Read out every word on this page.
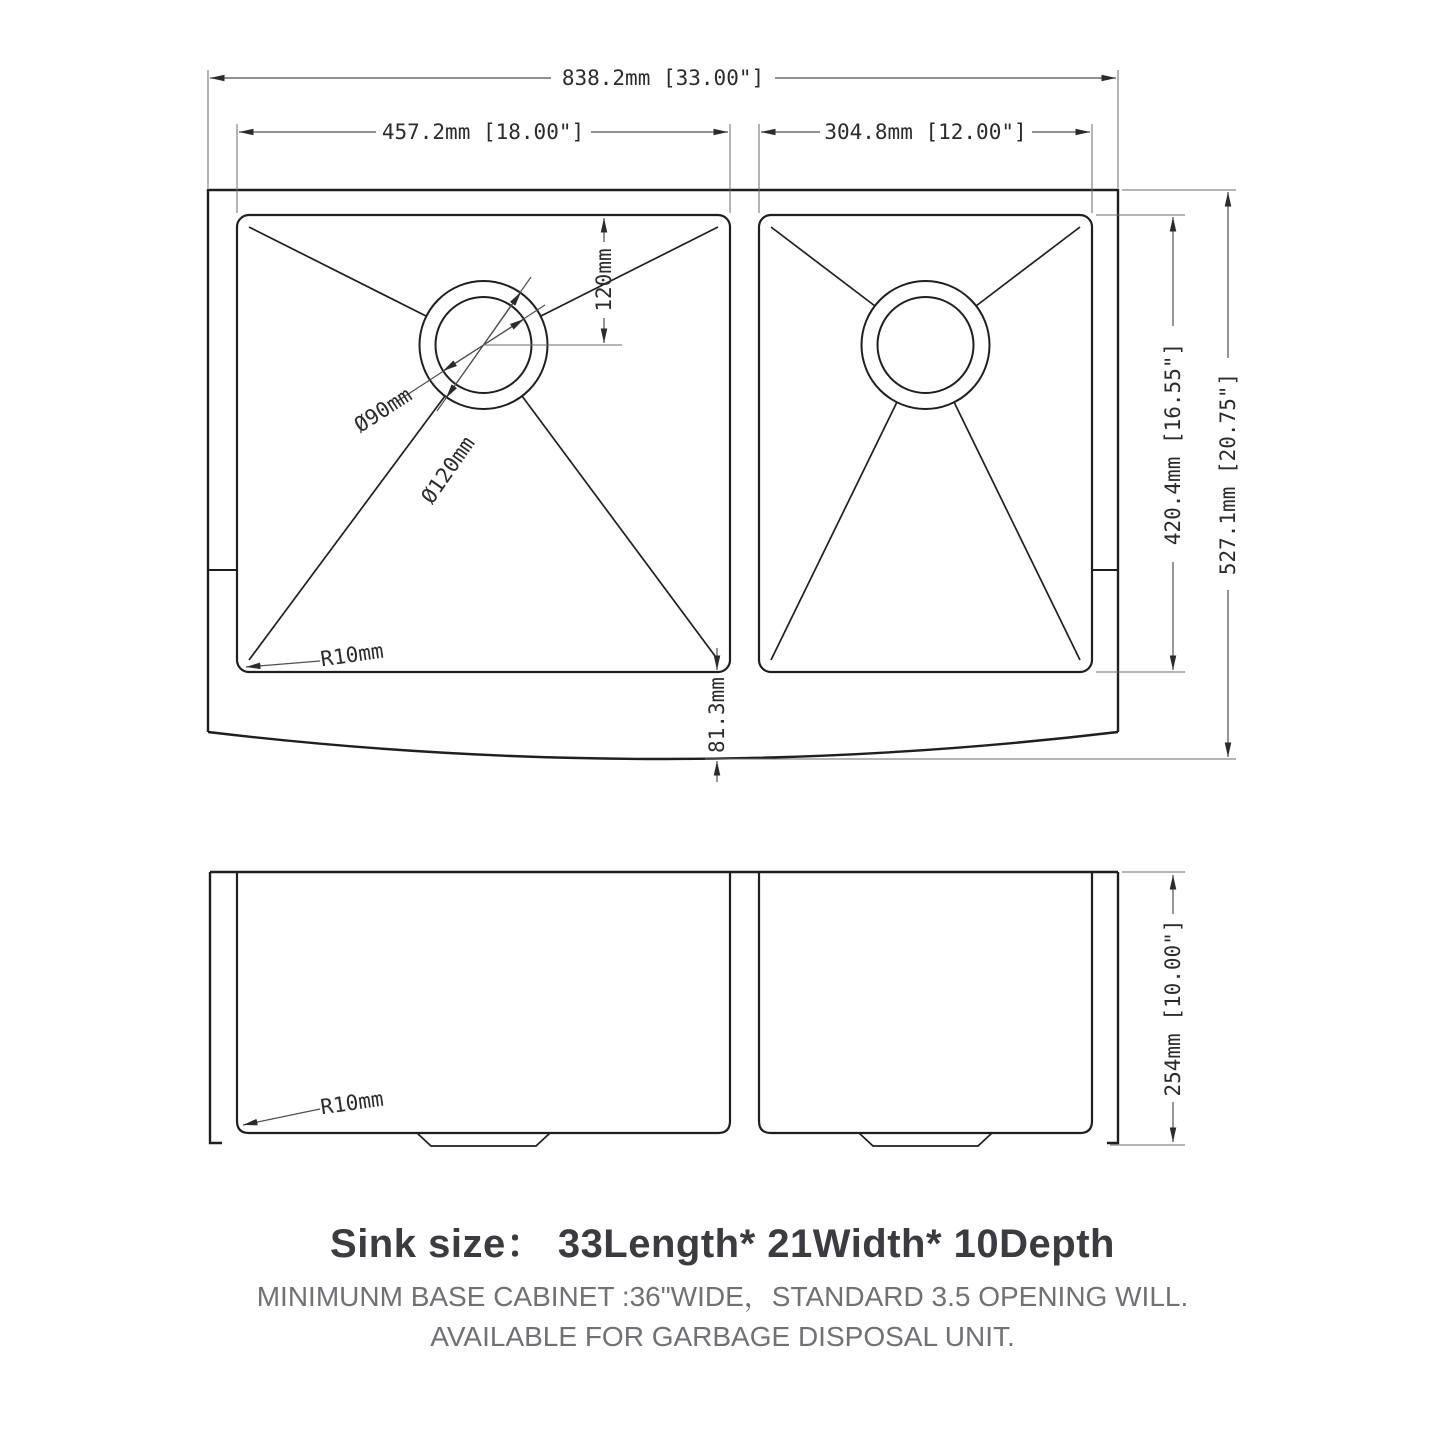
Ø120mm
Ø90mm
120mm
838.2mm [33.00"]
457.2mm [18.00"]	304.8mm [12.00"]
420.4mm [16.55"] 527.1mm [20.75"]
81.3mm
R10mm
254mm [10.00"]
R10mm
Sink size： 33Length* 21Width* 10Depth
MINIMUNM BASE CABINET :36"WIDE，STANDARD 3.5 OPENING WILL.
AVAILABLE FOR GARBAGE DISPOSAL UNIT.
